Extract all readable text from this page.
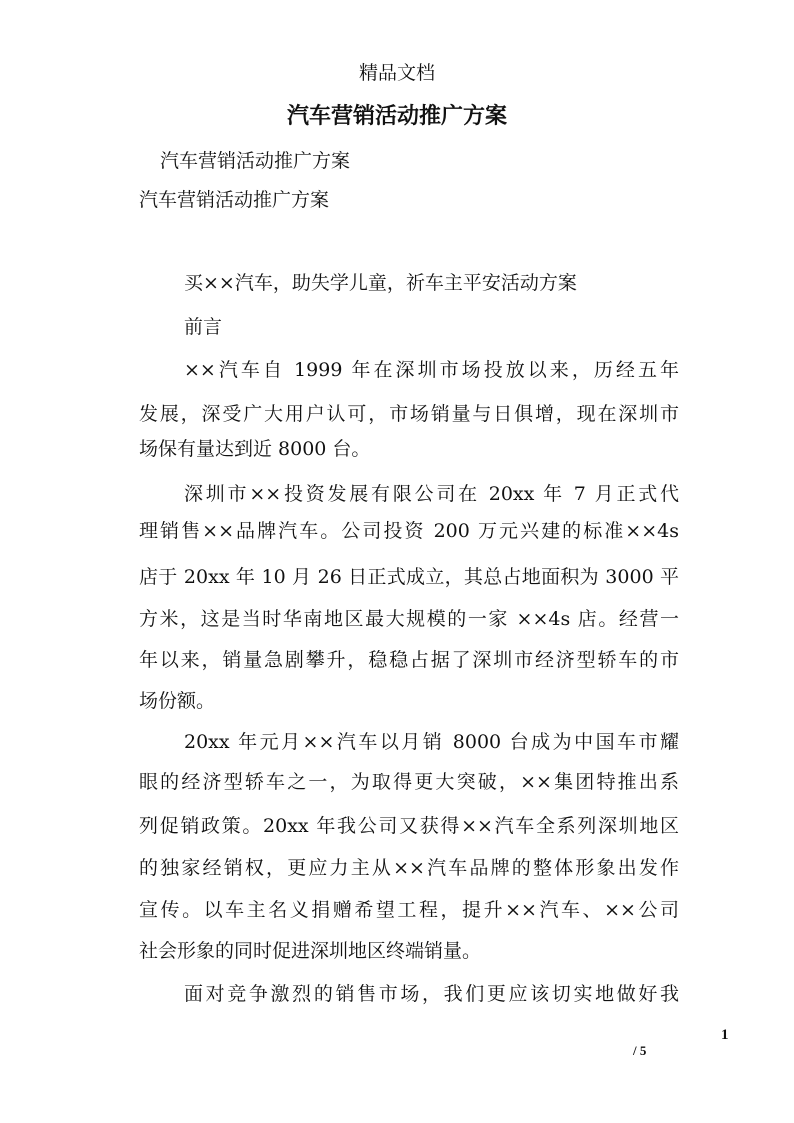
精品文档
汽车营销活动推广方案
汽车营销活动推广方案
汽车营销活动推广方案
买××汽车，助失学儿童，祈车主平安活动方案
前言
××汽车自 1999 年在深圳市场投放以来，历经五年
发展，深受广大用户认可，市场销量与日俱增，现在深圳市
场保有量达到近 8000 台。
深圳市××投资发展有限公司在 20xx 年 7 月正式代
理销售××品牌汽车。公司投资 200 万元兴建的标准××4s
店于 20xx 年 10 月 26 日正式成立，其总占地面积为 3000 平
方米，这是当时华南地区最大规模的一家 ××4s 店。经营一
年以来，销量急剧攀升，稳稳占据了深圳市经济型轿车的市
场份额。
20xx 年元月××汽车以月销 8000 台成为中国车市耀
眼的经济型轿车之一，为取得更大突破，××集团特推出系
列促销政策。20xx 年我公司又获得××汽车全系列深圳地区
的独家经销权，更应力主从××汽车品牌的整体形象出发作
宣传。以车主名义捐赠希望工程，提升××汽车、××公司
社会形象的同时促进深圳地区终端销量。
面对竞争激烈的销售市场，我们更应该切实地做好我
1
/ 5
